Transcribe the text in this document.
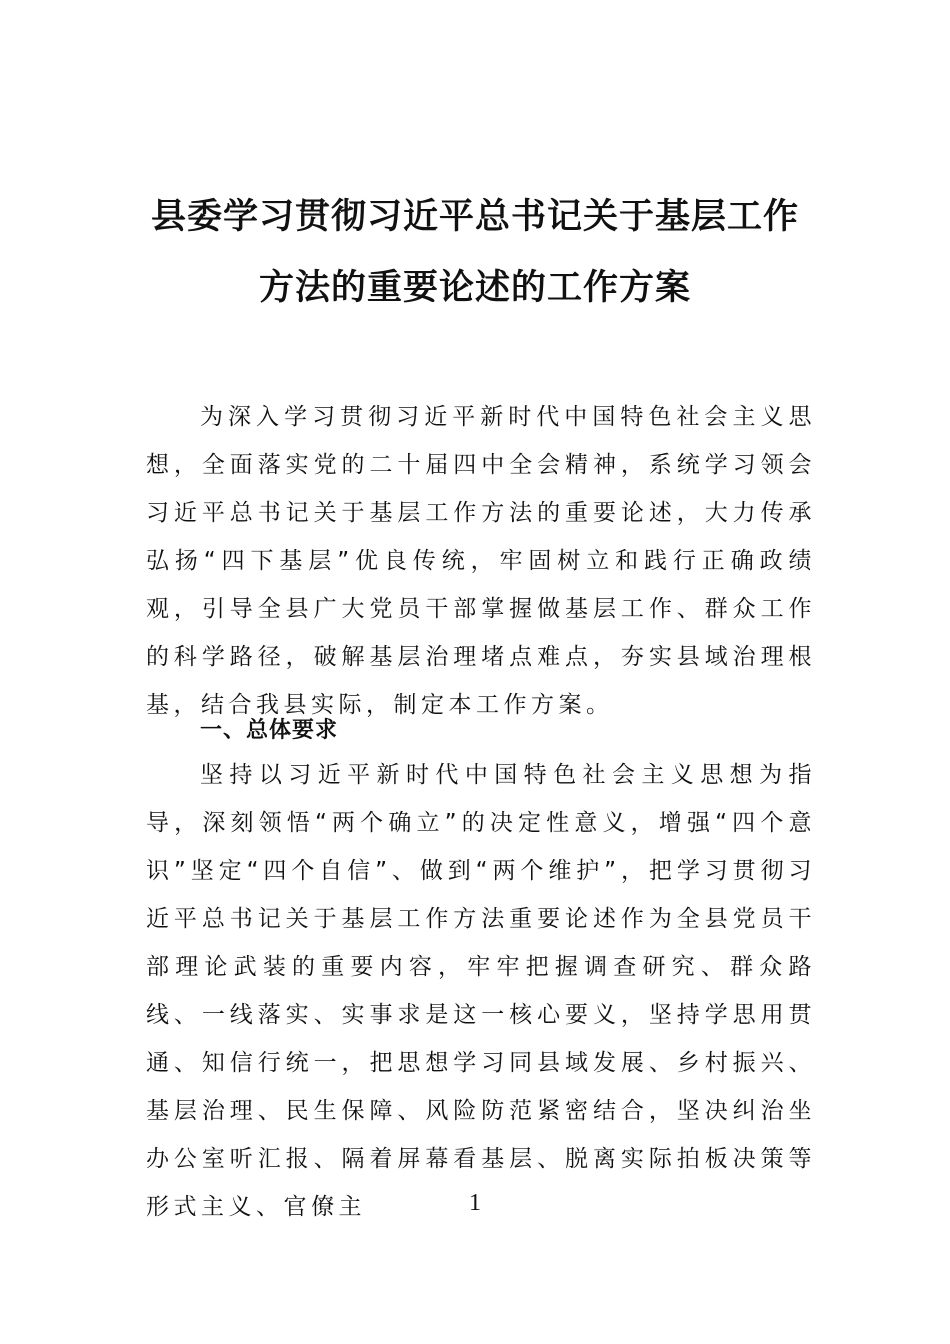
县委学习贯彻习近平总书记关于基层工作
方法的重要论述的工作方案

为深入学习贯彻习近平新时代中国特色社会主义思想，全面落实党的二十届四中全会精神，系统学习领会习近平总书记关于基层工作方法的重要论述，大力传承弘扬“四下基层”优良传统，牢固树立和践行正确政绩观，引导全县广大党员干部掌握做基层工作、群众工作的科学路径，破解基层治理堵点难点，夯实县域治理根基，结合我县实际，制定本工作方案。

一、总体要求

坚持以习近平新时代中国特色社会主义思想为指导，深刻领悟“两个确立”的决定性意义，增强“四个意识”坚定“四个自信”、做到“两个维护”，把学习贯彻习近平总书记关于基层工作方法重要论述作为全县党员干部理论武装的重要内容，牢牢把握调查研究、群众路线、一线落实、实事求是这一核心要义，坚持学思用贯通、知信行统一，把思想学习同县域发展、乡村振兴、基层治理、民生保障、风险防范紧密结合，坚决纠治坐办公室听汇报、隔着屏幕看基层、脱离实际拍板决策等形式主义、官僚主	1
